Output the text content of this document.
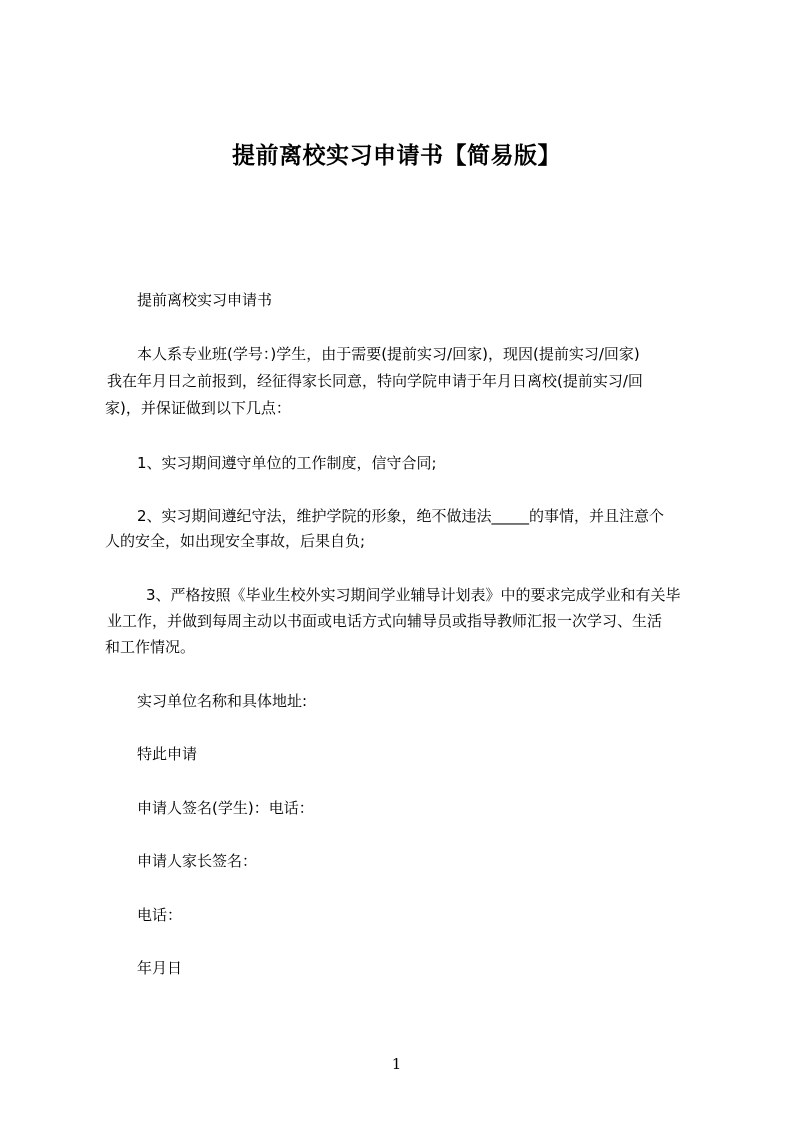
提前离校实习申请书【简易版】
提前离校实习申请书
本人系专业班(学号：)学生，由于需要(提前实习/回家)，现因(提前实习/回家)
我在年月日之前报到，经征得家长同意，特向学院申请于年月日离校(提前实习/回
家)，并保证做到以下几点：
1、实习期间遵守单位的工作制度，信守合同;
2、实习期间遵纪守法，维护学院的形象，绝不做违法_____的事情，并且注意个
人的安全，如出现安全事故，后果自负;
3、严格按照《毕业生校外实习期间学业辅导计划表》中的要求完成学业和有关毕
业工作，并做到每周主动以书面或电话方式向辅导员或指导教师汇报一次学习、生活
和工作情况。
实习单位名称和具体地址:
特此申请
申请人签名(学生)：电话：
申请人家长签名：
电话：
年月日
1
